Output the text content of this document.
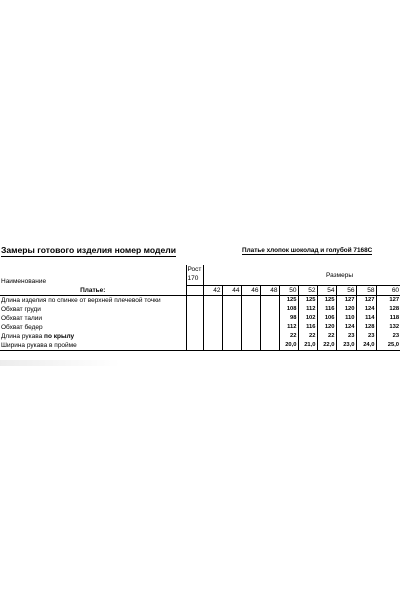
Замеры готового изделия номер модели	Платье хлопок шоколад и голубой 7168С
Наименование	Рост
170					Размеры					

Платье:		42	44	46	48	50	52	54	56	58	60
Длина изделия по спинке от верхней плечевой точки						125	125	125	127	127	127
Обхват груди						108	112	116	120	124	128
Обхват талии						98	102	106	110	114	118
Обхват бедер						112	116	120	124	128	132
Длина рукава по крылу						22	22	22	23	23	23
Ширина рукава в пройме						20,0	21,0	22,0	23,0	24,0	25,0
